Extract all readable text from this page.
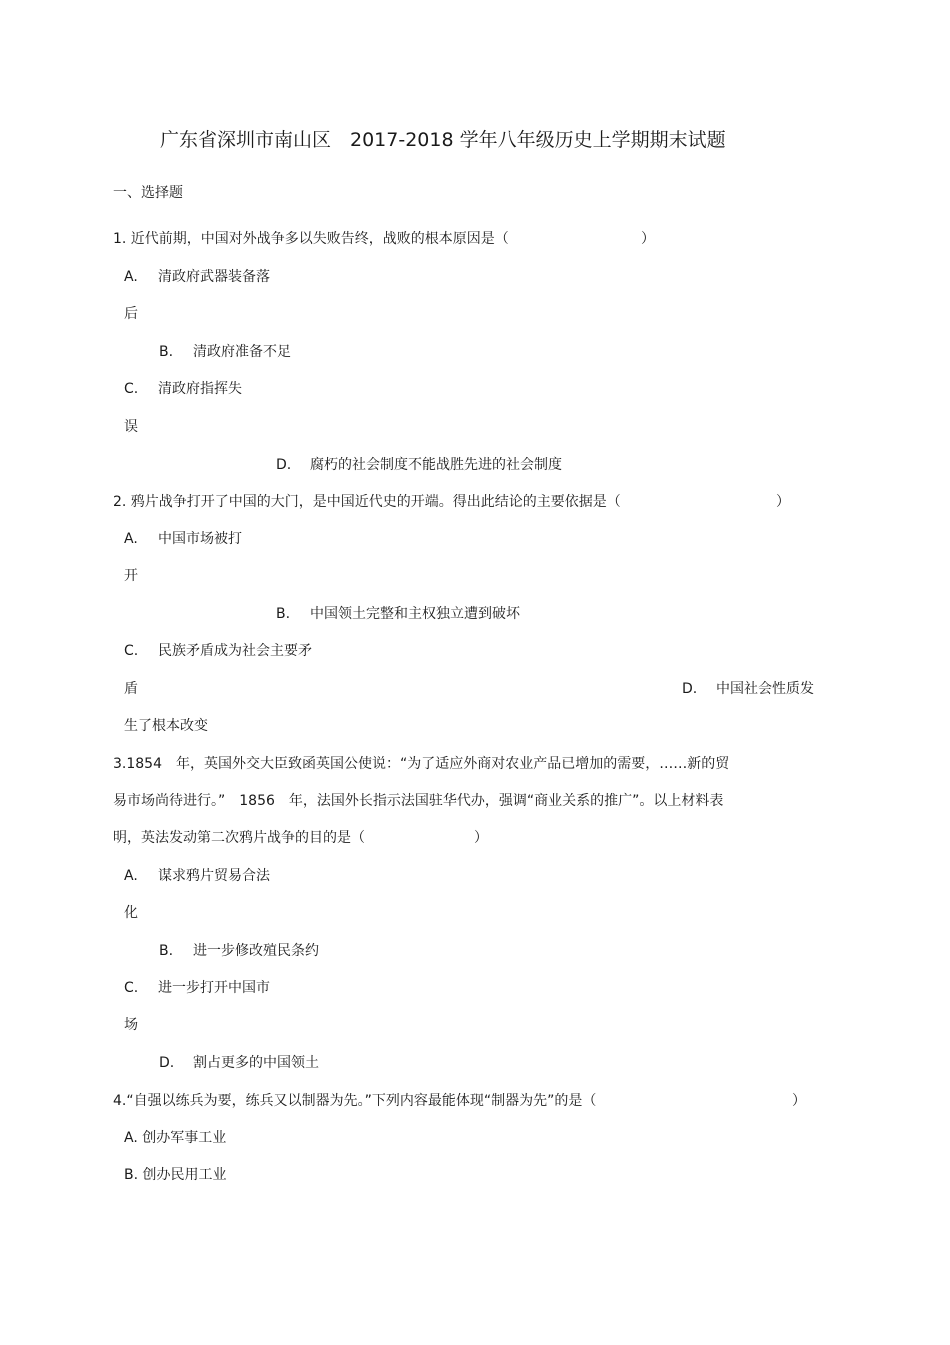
广东省深圳市南山区　2017-2018 学年八年级历史上学期期末试题
一、选择题
1. 近代前期，中国对外战争多以失败告终，战败的根本原因是（	）
A. 清政府武器装备落
后
B. 清政府准备不足
C. 清政府指挥失
误
D. 腐朽的社会制度不能战胜先进的社会制度
2. 鸦片战争打开了中国的大门，是中国近代史的开端。得出此结论的主要依据是（	）
A. 中国市场被打
开
B. 中国领土完整和主权独立遭到破坏
C. 民族矛盾成为社会主要矛
盾	D. 中国社会性质发
生了根本改变
3.1854　年，英国外交大臣致函英国公使说：“为了适应外商对农业产品已增加的需要，……新的贸
易市场尚待进行。”　1856　年，法国外长指示法国驻华代办，强调“商业关系的推广”。以上材料表
明，英法发动第二次鸦片战争的目的是（	）
A. 谋求鸦片贸易合法
化
B. 进一步修改殖民条约
C. 进一步打开中国市
场
D. 割占更多的中国领土
4.“自强以练兵为要，练兵又以制器为先。”下列内容最能体现“制器为先”的是（	）
A. 创办军事工业
B. 创办民用工业
